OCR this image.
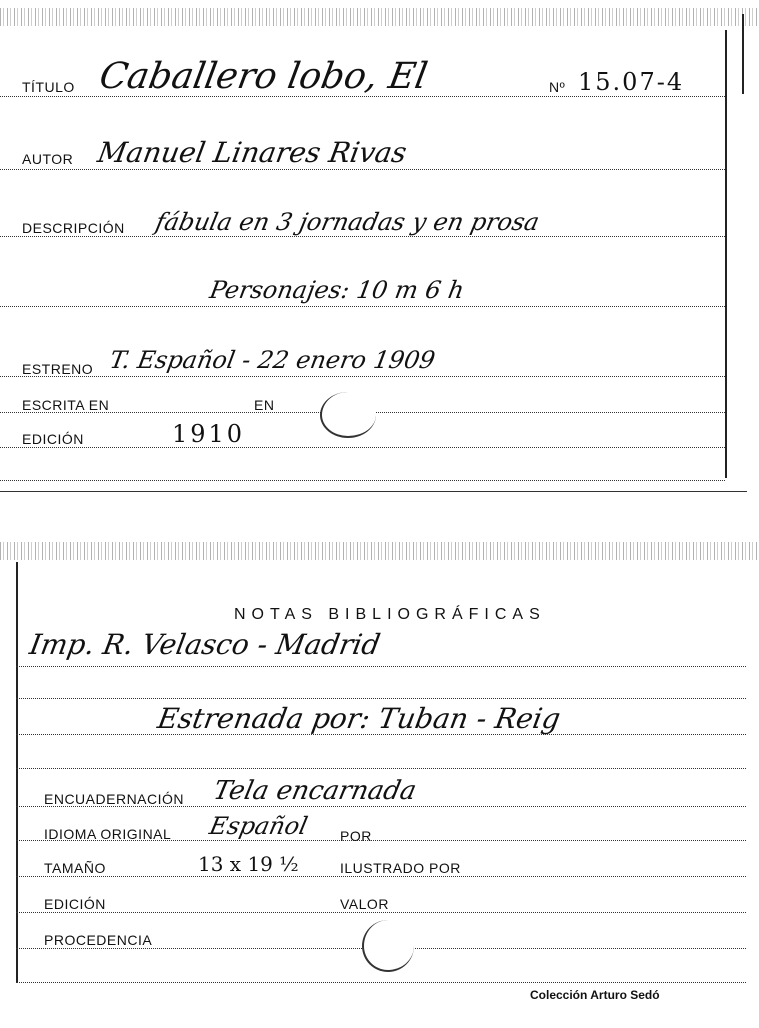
TÍTULO Caballero lobo, El	Nº 15.07-4
AUTOR Manuel Linares Rivas
DESCRIPCIÓN fábula en 3 jornadas y en prosa
Personajes: 10 m 6 h
ESTRENO T. Español - 22 enero 1909
ESCRITA EN	EN
EDICIÓN	1910
NOTAS BIBLIOGRÁFICAS
Imp. R. Velasco - Madrid
Estrenada por: Tuban - Reig
ENCUADERNACIÓN Tela encarnada
IDIOMA ORIGINAL Español POR
TAMAÑO	13 x 19 ½	ILUSTRADO POR
EDICIÓN	VALOR
PROCEDENCIA
Colección Arturo Sedó
